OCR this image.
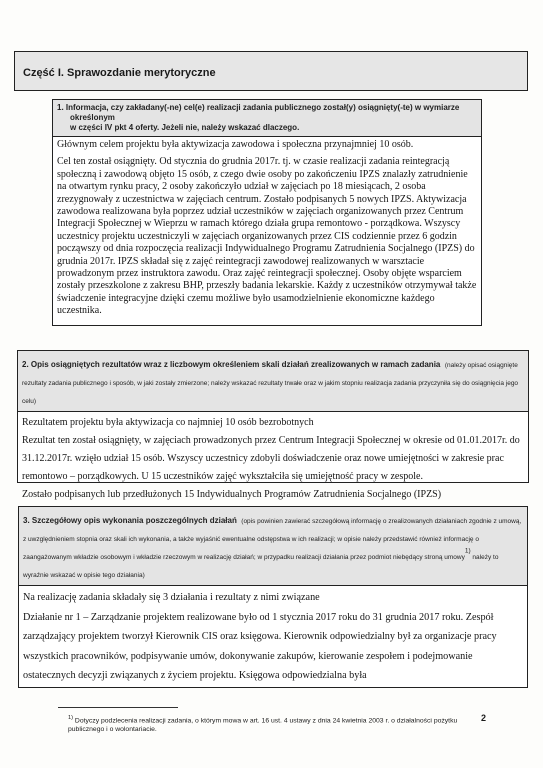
Część I. Sprawozdanie merytoryczne
1. Informacja, czy zakładany(-ne) cel(e) realizacji zadania publicznego został(y) osiągnięty(-te) w wymiarze
określonym
w części IV pkt 4 oferty. Jeżeli nie, należy wskazać dlaczego.

Głównym celem projektu była aktywizacja zawodowa i społeczna przynajmniej 10 osób.

Cel ten został osiągnięty. Od stycznia do grudnia 2017r. tj. w czasie realizacji zadania reintegracją społeczną i zawodową objęto 15 osób, z czego dwie osoby po zakończeniu IPZS znalazły zatrudnienie na otwartym rynku pracy, 2 osoby zakończyło udział w zajęciach po 18 miesiącach, 2 osoba zrezygnowały z uczestnictwa w zajęciach centrum. Zostało podpisanych 5 nowych IPZS. Aktywizacja zawodowa realizowana była poprzez udział uczestników w zajęciach organizowanych przez Centrum Integracji Społecznej w Wieprzu w ramach którego działa grupa remontowo - porządkowa. Wszyscy uczestnicy projektu uczestniczyli w zajęciach organizowanych przez CIS codziennie przez 6 godzin począwszy od dnia rozpoczęcia realizacji Indywidualnego Programu Zatrudnienia Socjalnego (IPZS) do grudnia 2017r. IPZS składał się z zajęć reintegracji zawodowej realizowanych w warsztacie prowadzonym przez instruktora zawodu. Oraz zajęć reintegracji społecznej. Osoby objęte wsparciem zostały przeszkolone z zakresu BHP, przeszły badania lekarskie. Każdy z uczestników otrzymywał także świadczenie integracyjne dzięki czemu możliwe było usamodzielnienie ekonomiczne każdego uczestnika.

2. Opis osiągniętych rezultatów wraz z liczbowym określeniem skali działań zrealizowanych w ramach zadania (należy opisać osiągnięte rezultaty zadania publicznego i sposób, w jaki zostały zmierzone; należy wskazać rezultaty trwałe oraz w jakim stopniu realizacja zadania przyczyniła się do osiągnięcia jego celu)

Rezultatem projektu była aktywizacja co najmniej 10 osób bezrobotnych

Rezultat ten został osiągnięty, w zajęciach prowadzonych przez Centrum Integracji Społecznej w okresie od 01.01.2017r. do 31.12.2017r. wzięło udział 15 osób. Wszyscy uczestnicy zdobyli doświadczenie oraz nowe umiejętności w zakresie prac remontowo – porządkowych. U 15 uczestników zajęć wykształciła się umiejętność pracy w zespole.

Zostało podpisanych lub przedłużonych 15 Indywidualnych Programów Zatrudnienia Socjalnego (IPZS)

3. Szczegółowy opis wykonania poszczególnych działań (opis powinien zawierać szczegółową informację o zrealizowanych działaniach zgodnie z umową, z uwzględnieniem stopnia oraz skali ich wykonania, a także wyjaśnić ewentualne odstępstwa w ich realizacji; w opisie należy przedstawić również informację o zaangażowanym wkładzie osobowym i wkładzie rzeczowym w realizację działań; w przypadku realizacji działania przez podmiot niebędący stroną umowy$^{1)}$ należy to wyraźnie wskazać w opisie tego działania)

Na realizację zadania składały się 3 działania i rezultaty z nimi związane

Działanie nr 1 – Zarządzanie projektem realizowane było od 1 stycznia 2017 roku do 31 grudnia 2017 roku. Zespół zarządzający projektem tworzył Kierownik CIS oraz księgowa. Kierownik odpowiedzialny był za organizacje pracy wszystkich pracowników, podpisywanie umów, dokonywanie zakupów, kierowanie zespołem i podejmowanie ostatecznych decyzji związanych z życiem projektu. Księgowa odpowiedzialna była

$^{1)}$ Dotyczy podzlecenia realizacji zadania, o którym mowa w art. 16 ust. 4 ustawy z dnia 24 kwietnia 2003 r. o działalności pożytku publicznego i o wolontariacie.
2
